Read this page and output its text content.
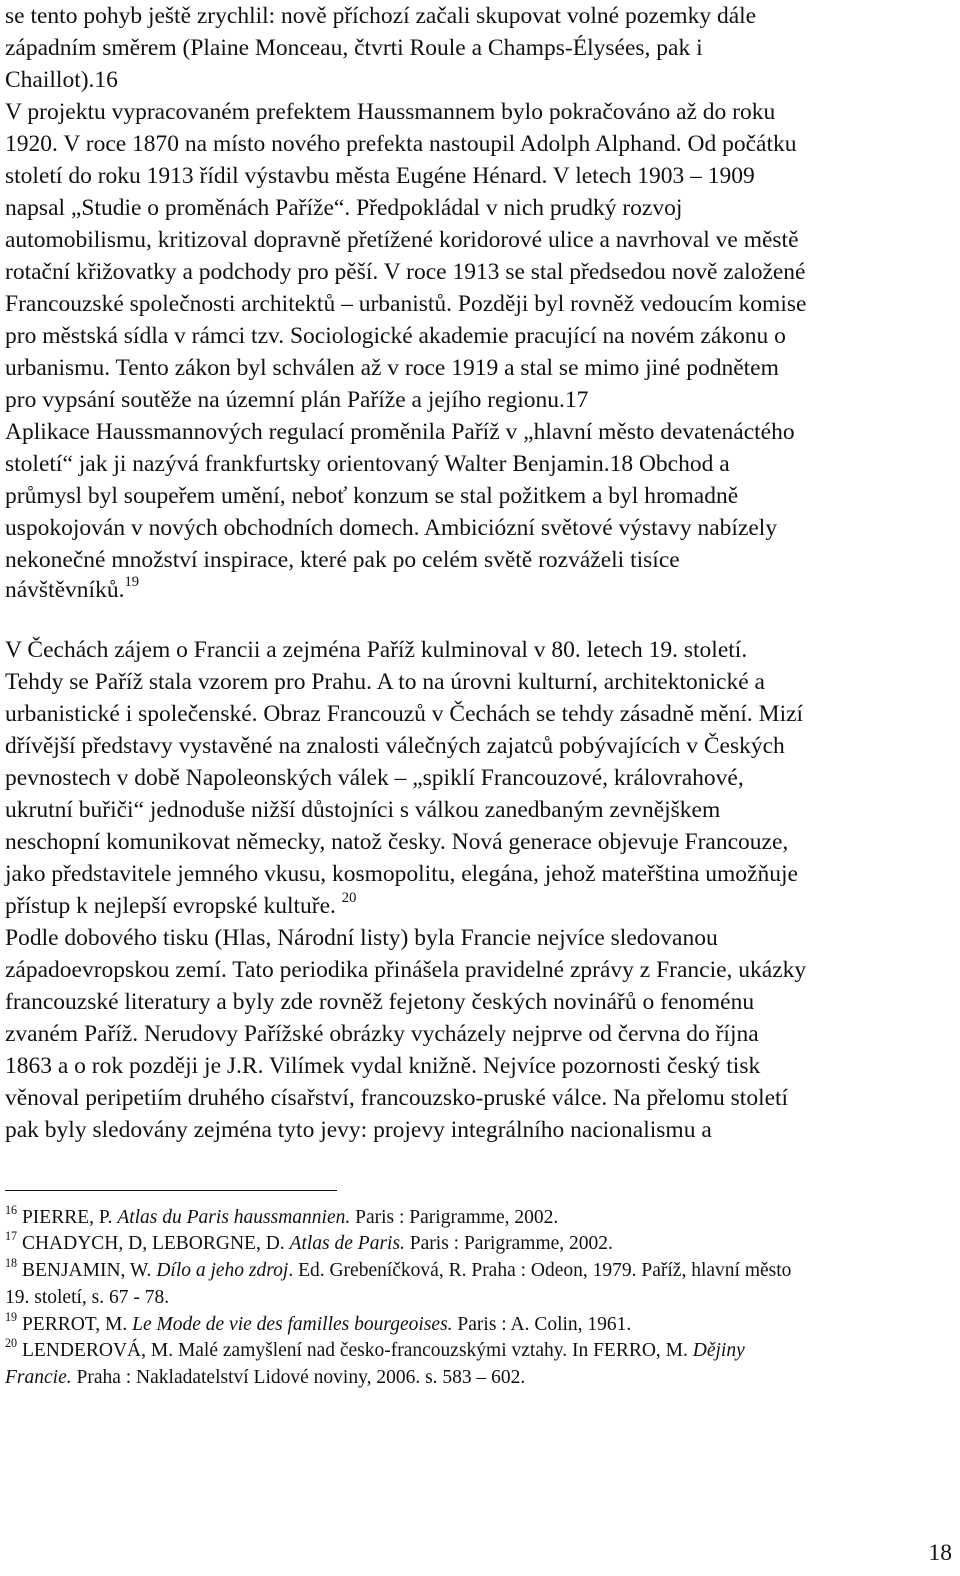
se tento pohyb ještě zrychlil: nově příchozí začali skupovat volné pozemky dále

západním směrem (Plaine Monceau, čtvrti Roule a Champs-Élysées, pak i

Chaillot).16

V projektu vypracovaném prefektem Haussmannem bylo pokračováno až do roku

1920. V roce 1870 na místo nového prefekta nastoupil Adolph Alphand. Od počátku

století do roku 1913 řídil výstavbu města Eugéne Hénard. V letech 1903 – 1909

napsal „Studie o proměnách Paříže“. Předpokládal v nich prudký rozvoj

automobilismu, kritizoval dopravně přetížené koridorové ulice a navrhoval ve městě

rotační křižovatky a podchody pro pěší. V roce 1913 se stal předsedou nově založené

Francouzské společnosti architektů – urbanistů. Později byl rovněž vedoucím komise

pro městská sídla v rámci tzv. Sociologické akademie pracující na novém zákonu o

urbanismu. Tento zákon byl schválen až v roce 1919 a stal se mimo jiné podnětem

pro vypsání soutěže na územní plán Paříže a jejího regionu.17

Aplikace Haussmannových regulací proměnila Paříž v „hlavní město devatenáctého

století“ jak ji nazývá frankfurtsky orientovaný Walter Benjamin.18 Obchod a

průmysl byl soupeřem umění, neboť konzum se stal požitkem a byl hromadně

uspokojován v nových obchodních domech. Ambiciózní světové výstavy nabízely

nekonečné množství inspirace, které pak po celém světě rozváželi tisíce

návštěvníků.$^{19}$

V Čechách zájem o Francii a zejména Paříž kulminoval v 80. letech 19. století.

Tehdy se Paříž stala vzorem pro Prahu. A to na úrovni kulturní, architektonické a

urbanistické i společenské. Obraz Francouzů v Čechách se tehdy zásadně mění. Mizí

dřívější představy vystavěné na znalosti válečných zajatců pobývajících v Českých

pevnostech v době Napoleonských válek – „spiklí Francouzové, královrahové,

ukrutní buřiči“ jednoduše nižší důstojníci s válkou zanedbaným zevnějškem

neschopní komunikovat německy, natož česky. Nová generace objevuje Francouze,

jako představitele jemného vkusu, kosmopolitu, elegána, jehož mateřština umožňuje

přístup k nejlepší evropské kultuře. $^{20}$

Podle dobového tisku (Hlas, Národní listy) byla Francie nejvíce sledovanou

západoevropskou zemí. Tato periodika přinášela pravidelné zprávy z Francie, ukázky

francouzské literatury a byly zde rovněž fejetony českých novinářů o fenoménu

zvaném Paříž. Nerudovy Pařížské obrázky vycházely nejprve od června do října

1863 a o rok později je J.R. Vilímek vydal knižně. Nejvíce pozornosti český tisk

věnoval peripetiím druhého císařství, francouzsko-pruské válce. Na přelomu století

pak byly sledovány zejména tyto jevy: projevy integrálního nacionalismu a

$^{16}$ PIERRE, P. Atlas du Paris haussmannien. Paris : Parigramme, 2002.

$^{17}$ CHADYCH, D, LEBORGNE, D. Atlas de Paris. Paris : Parigramme, 2002.

$^{18}$ BENJAMIN, W. Dílo a jeho zdroj. Ed. Grebeníčková, R. Praha : Odeon, 1979. Paříž, hlavní město

19. století, s. 67 - 78.

$^{19}$ PERROT, M. Le Mode de vie des familles bourgeoises. Paris : A. Colin, 1961.

$^{20}$ LENDEROVÁ, M. Malé zamyšlení nad česko-francouzskými vztahy. In FERRO, M. Dějiny

Francie. Praha : Nakladatelství Lidové noviny, 2006. s. 583 – 602.

18
